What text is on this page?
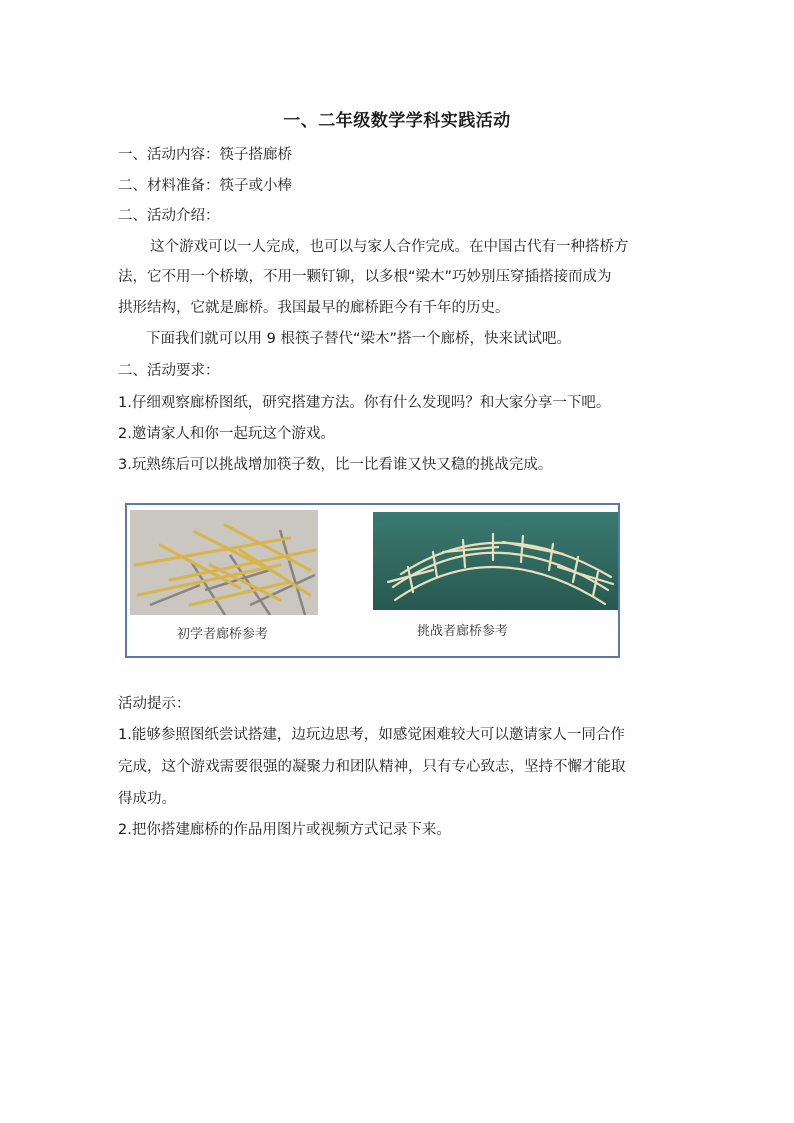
一、二年级数学学科实践活动
一、活动内容：筷子搭廊桥
二、材料准备：筷子或小棒
二、活动介绍：
这个游戏可以一人完成，也可以与家人合作完成。在中国古代有一种搭桥方
法，它不用一个桥墩，不用一颗钉铆，以多根“梁木”巧妙别压穿插搭接而成为
拱形结构，它就是廊桥。我国最早的廊桥距今有千年的历史。
下面我们就可以用 9 根筷子替代“梁木”搭一个廊桥，快来试试吧。
二、活动要求：
1.仔细观察廊桥图纸，研究搭建方法。你有什么发现吗？和大家分享一下吧。
2.邀请家人和你一起玩这个游戏。
3.玩熟练后可以挑战增加筷子数，比一比看谁又快又稳的挑战完成。
初学者廊桥参考	挑战者廊桥参考
活动提示：
1.能够参照图纸尝试搭建，边玩边思考，如感觉困难较大可以邀请家人一同合作
完成，这个游戏需要很强的凝聚力和团队精神，只有专心致志，坚持不懈才能取
得成功。
2.把你搭建廊桥的作品用图片或视频方式记录下来。
